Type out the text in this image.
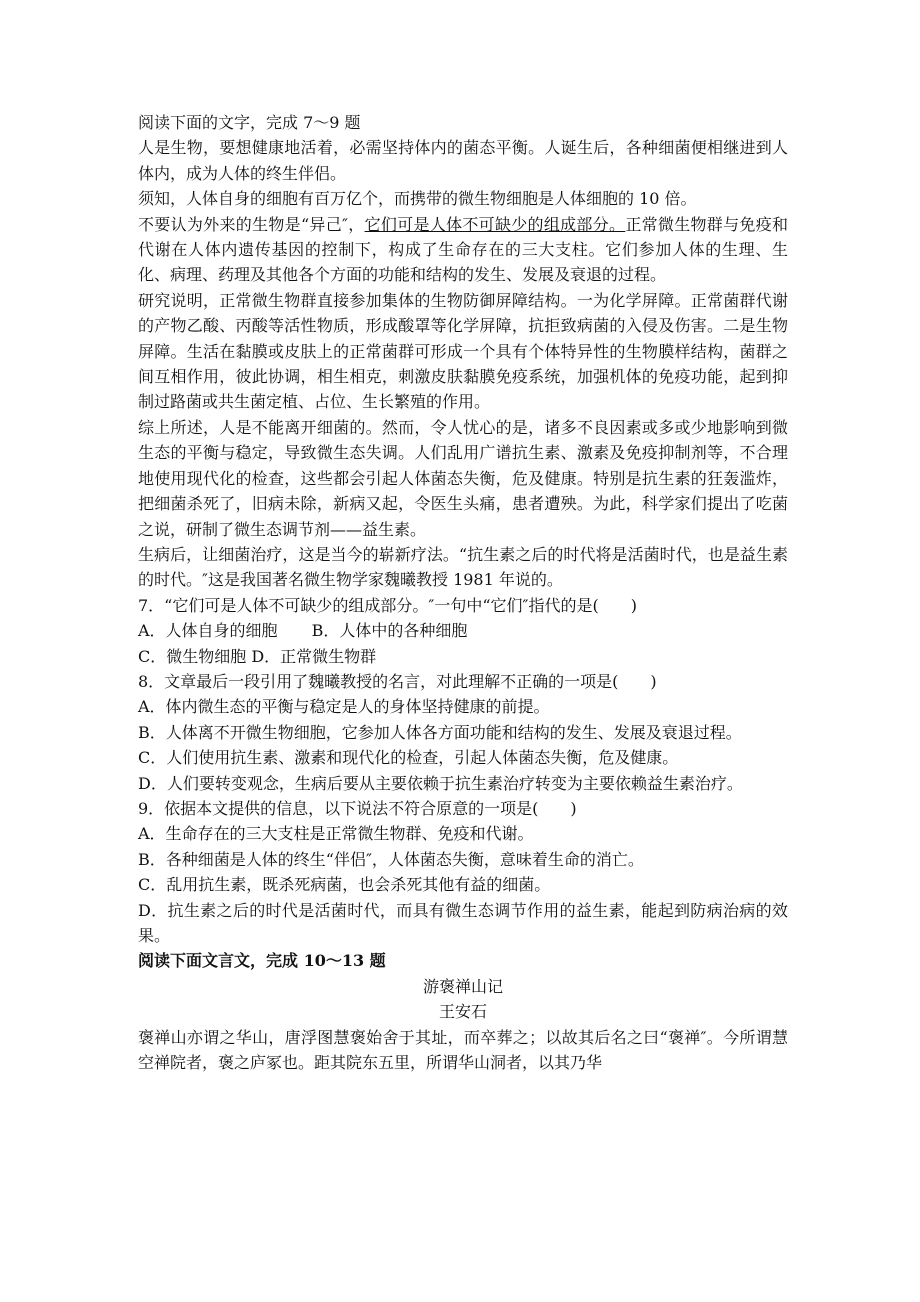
阅读下面的文字，完成 7～9 题

人是生物，要想健康地活着，必需坚持体内的菌态平衡。人诞生后，各种细菌便相继进到人体内，成为人体的终生伴侣。

须知，人体自身的细胞有百万亿个，而携带的微生物细胞是人体细胞的 10 倍。

不要认为外来的生物是“异己″，它们可是人体不可缺少的组成部分。正常微生物群与免疫和代谢在人体内遗传基因的控制下，构成了生命存在的三大支柱。它们参加人体的生理、生化、病理、药理及其他各个方面的功能和结构的发生、发展及衰退的过程。

研究说明，正常微生物群直接参加集体的生物防御屏障结构。一为化学屏障。正常菌群代谢的产物乙酸、丙酸等活性物质，形成酸罩等化学屏障，抗拒致病菌的入侵及伤害。二是生物屏障。生活在黏膜或皮肤上的正常菌群可形成一个具有个体特异性的生物膜样结构，菌群之间互相作用，彼此协调，相生相克，刺激皮肤黏膜免疫系统，加强机体的免疫功能，起到抑制过路菌或共生菌定植、占位、生长繁殖的作用。

综上所述，人是不能离开细菌的。然而，令人忧心的是，诸多不良因素或多或少地影响到微生态的平衡与稳定，导致微生态失调。人们乱用广谱抗生素、激素及免疫抑制剂等，不合理地使用现代化的检查，这些都会引起人体菌态失衡，危及健康。特别是抗生素的狂轰滥炸，把细菌杀死了，旧病未除，新病又起，令医生头痛，患者遭殃。为此，科学家们提出了吃菌之说，研制了微生态调节剂——益生素。

生病后，让细菌治疗，这是当今的崭新疗法。“抗生素之后的时代将是活菌时代，也是益生素的时代。″这是我国著名微生物学家魏曦教授 1981 年说的。

7．“它们可是人体不可缺少的组成部分。″一句中“它们″指代的是(　　)

A．人体自身的细胞 B．人体中的各种细胞

C．微生物细胞 D．正常微生物群

8．文章最后一段引用了魏曦教授的名言，对此理解不正确的一项是(　　)

A．体内微生态的平衡与稳定是人的身体坚持健康的前提。

B．人体离不开微生物细胞，它参加人体各方面功能和结构的发生、发展及衰退过程。

C．人们使用抗生素、激素和现代化的检查，引起人体菌态失衡，危及健康。

D．人们要转变观念，生病后要从主要依赖于抗生素治疗转变为主要依赖益生素治疗。

9．依据本文提供的信息，以下说法不符合原意的一项是(　　)

A．生命存在的三大支柱是正常微生物群、免疫和代谢。

B．各种细菌是人体的终生“伴侣″，人体菌态失衡，意味着生命的消亡。

C．乱用抗生素，既杀死病菌，也会杀死其他有益的细菌。

D．抗生素之后的时代是活菌时代，而具有微生态调节作用的益生素，能起到防病治病的效果。

阅读下面文言文，完成 10～13 题

游褒禅山记

王安石

褒禅山亦谓之华山，唐浮图慧褒始舍于其址，而卒葬之；以故其后名之曰“褒禅″。今所谓慧空禅院者，褒之庐冢也。距其院东五里，所谓华山洞者，以其乃华
